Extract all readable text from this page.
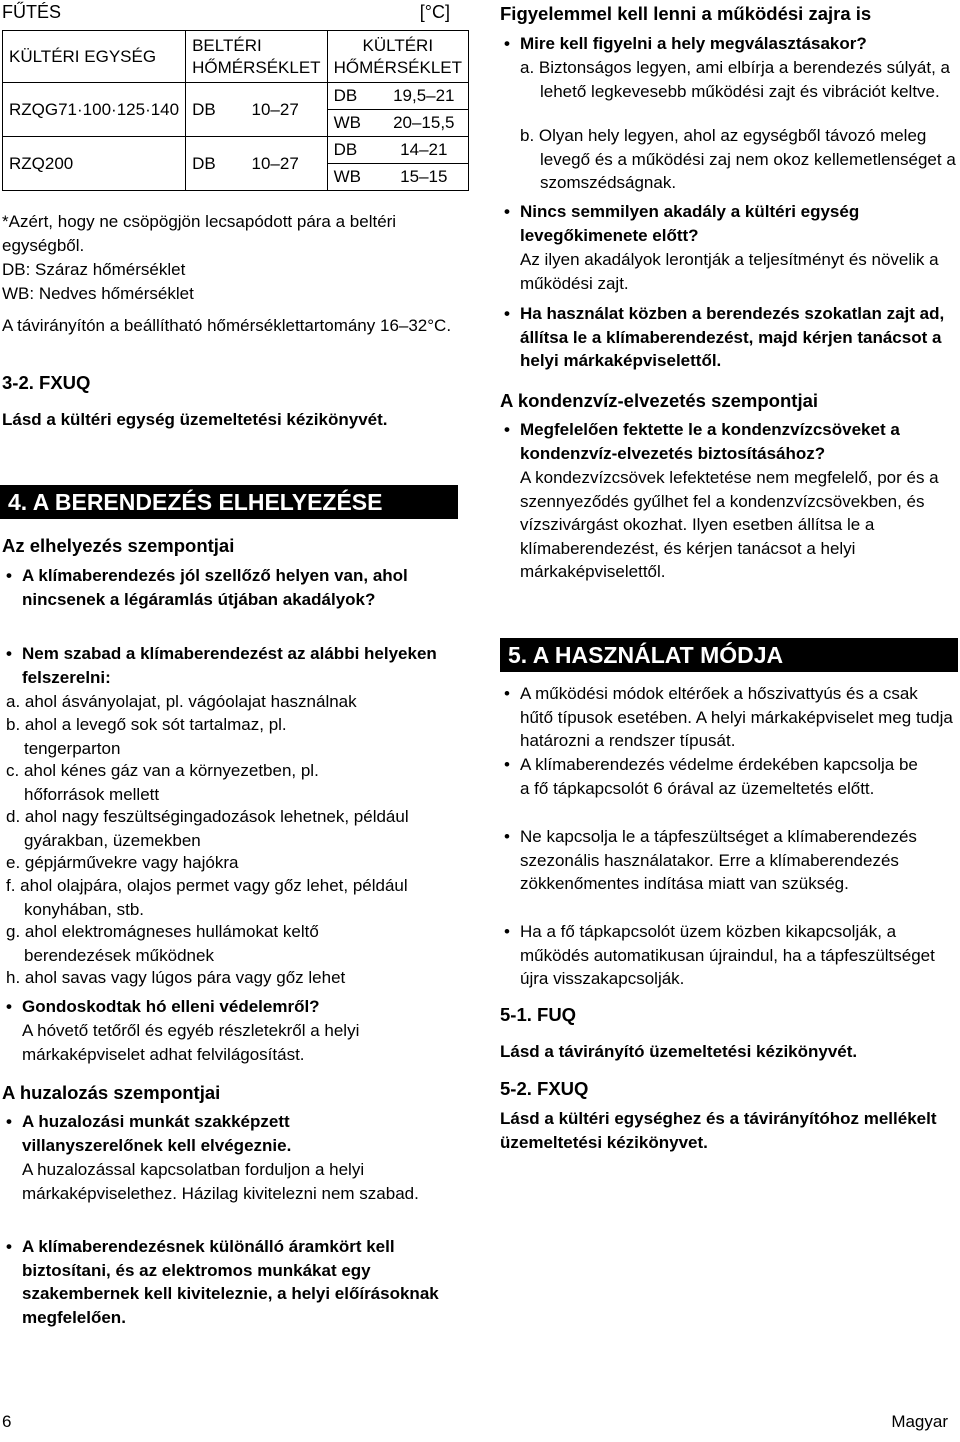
FŰTÉS	[°C]
KÜLTÉRI EGYSÉG	BELTÉRI HŐMÉRSÉKLET		KÜLTÉRI HŐMÉRSÉKLET	
RZQG71·100·125·140	DB	10–27	DB	19,5–21
			WB	20–15,5
RZQ200	DB	10–27	DB	14–21
			WB	15–15

*Azért, hogy ne csöpögjön lecsapódott pára a beltéri egységből.

DB: Száraz hőmérséklet

WB: Nedves hőmérséklet

A távirányítón a beállítható hőmérséklettartomány 16–32°C.

3-2. FXUQ

Lásd a kültéri egység üzemeltetési kézikönyvét.

4. A BERENDEZÉS ELHELYEZÉSE

Az elhelyezés szempontjai

• A klímaberendezés jól szellőző helyen van, ahol nincsenek a légáramlás útjában akadályok?
• Nem szabad a klímaberendezést az alábbi helyeken felszerelni:

a. ahol ásványolajat, pl. vágóolajat használnak

b. ahol a levegő sok sót tartalmaz, pl. tengerparton

c. ahol kénes gáz van a környezetben, pl. hőforrások mellett

d. ahol nagy feszültségingadozások lehetnek, például gyárakban, üzemekben

e. gépjárművekre vagy hajókra

f. ahol olajpára, olajos permet vagy gőz lehet, például konyhában, stb.

g. ahol elektromágneses hullámokat keltő berendezések működnek

h. ahol savas vagy lúgos pára vagy gőz lehet

• Gondoskodtak hó elleni védelemről?

A hóvető tetőről és egyéb részletekről a helyi márkaképviselet adhat felvilágosítást.

A huzalozás szempontjai

• A huzalozási munkát szakképzett villanyszerelőnek kell elvégeznie.

A huzalozással kapcsolatban forduljon a helyi márkaképviselethez. Házilag kivitelezni nem szabad.

• A klímaberendezésnek különálló áramkört kell biztosítani, és az elektromos munkákat egy szakembernek kell kiviteleznie, a helyi előírásoknak megfelelően.

Figyelemmel kell lenni a működési zajra is

• Mire kell figyelni a hely megválasztásakor?

a. Biztonságos legyen, ami elbírja a berendezés súlyát, a lehető legkevesebb működési zajt és vibrációt keltve.

b. Olyan hely legyen, ahol az egységből távozó meleg levegő és a működési zaj nem okoz kellemetlenséget a szomszédságnak.

• Nincs semmilyen akadály a kültéri egység levegőkimenete előtt?

Az ilyen akadályok lerontják a teljesítményt és növelik a működési zajt.

• Ha használat közben a berendezés szokatlan zajt ad, állítsa le a klímaberendezést, majd kérjen tanácsot a helyi márkaképviselettől.

A kondenzvíz-elvezetés szempontjai

• Megfelelően fektette le a kondenzvízcsöveket a kondenzvíz-elvezetés biztosításához?

A kondezvízcsövek lefektetése nem megfelelő, por és a szennyeződés gyűlhet fel a kondenzvízcsövekben, és vízszivárgást okozhat. Ilyen esetben állítsa le a klímaberendezést, és kérjen tanácsot a helyi márkaképviselettől.

5. A HASZNÁLAT MÓDJA
• A működési módok eltérőek a hőszivattyús és a csak hűtő típusok esetében. A helyi márkaképviselet meg tudja határozni a rendszer típusát.
• A klímaberendezés védelme érdekében kapcsolja be a fő tápkapcsolót 6 órával az üzemeltetés előtt.
• Ne kapcsolja le a tápfeszültséget a klímaberendezés szezonális használatakor. Erre a klímaberendezés zökkenőmentes indítása miatt van szükség.
• Ha a fő tápkapcsolót üzem közben kikapcsolják, a működés automatikusan újraindul, ha a tápfeszültséget újra visszakapcsolják.

5-1. FUQ

Lásd a távirányító üzemeltetési kézikönyvét.

5-2. FXUQ

Lásd a kültéri egységhez és a távirányítóhoz mellékelt üzemeltetési kézikönyvet.

6	Magyar
